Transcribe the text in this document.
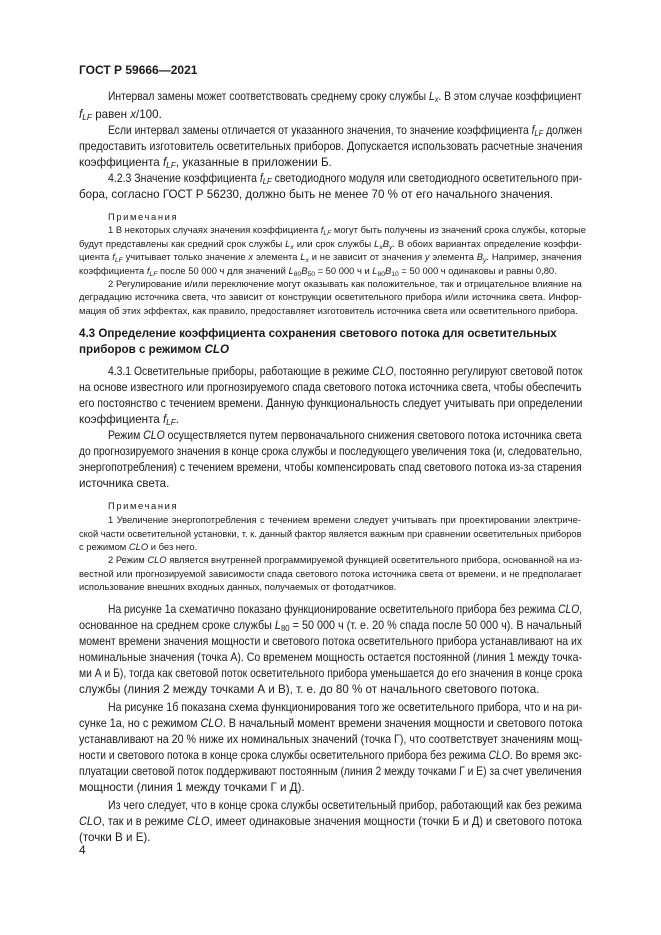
ГОСТ Р 59666—2021
Интервал замены может соответствовать среднему сроку службы $L_x$. В этом случае коэффициент
$f_{LF}$ равен x/100.
Если интервал замены отличается от указанного значения, то значение коэффициента $f_{LF}$ должен
предоставить изготовитель осветительных приборов. Допускается использовать расчетные значения
коэффициента $f_{LF}$, указанные в приложении Б.
4.2.3 Значение коэффициента $f_{LF}$ светодиодного модуля или светодиодного осветительного при-
бора, согласно ГОСТ Р 56230, должно быть не менее 70 % от его начального значения.
Примечания
1 В некоторых случаях значения коэффициента $f_{LF}$ могут быть получены из значений срока службы, которые
будут представлены как средний срок службы $L_x$ или срок службы $L_xB_y$. В обоих вариантах определение коэффи-
циента $f_{LF}$ учитывает только значение x элемента $L_x$ и не зависит от значения y элемента $B_y$. Например, значения
коэффициента $f_{LF}$ после 50 000 ч для значений $L_{80}B_{50} = 50$ 000 ч и $L_{80}B_{10} = 50$ 000 ч одинаковы и равны 0,80.
2 Регулирование и/или переключение могут оказывать как положительное, так и отрицательное влияние на
деградацию источника света, что зависит от конструкции осветительного прибора и/или источника света. Инфор-
мация об этих эффектах, как правило, предоставляет изготовитель источника света или осветительного прибора.
4.3 Определение коэффициента сохранения светового потока для осветительных
приборов с режимом CLO
4.3.1 Осветительные приборы, работающие в режиме CLO, постоянно регулируют световой поток
на основе известного или прогнозируемого спада светового потока источника света, чтобы обеспечить
его постоянство с течением времени. Данную функциональность следует учитывать при определении
коэффициента $f_{LF}$.
Режим CLO осуществляется путем первоначального снижения светового потока источника света
до прогнозируемого значения в конце срока службы и последующего увеличения тока (и, следовательно,
энергопотребления) с течением времени, чтобы компенсировать спад светового потока из-за старения
источника света.
Примечания
1 Увеличение энергопотребления с течением времени следует учитывать при проектировании электриче-
ской части осветительной установки, т. к. данный фактор является важным при сравнении осветительных приборов
с режимом CLO и без него.
2 Режим CLO является внутренней программируемой функцией осветительного прибора, основанной на из-
вестной или прогнозируемой зависимости спада светового потока источника света от времени, и не предполагает
использование внешних входных данных, получаемых от фотодатчиков.
На рисунке 1а схематично показано функционирование осветительного прибора без режима CLO,
основанное на среднем сроке службы $L_{80} = 50$ 000 ч (т. е. 20 % спада после 50 000 ч). В начальный
момент времени значения мощности и светового потока осветительного прибора устанавливают на их
номинальные значения (точка А). Со временем мощность остается постоянной (линия 1 между точка-
ми А и Б), тогда как световой поток осветительного прибора уменьшается до его значения в конце срока
службы (линия 2 между точками А и В), т. е. до 80 % от начального светового потока.
На рисунке 1б показана схема функционирования того же осветительного прибора, что и на ри-
сунке 1а, но с режимом CLO. В начальный момент времени значения мощности и светового потока
устанавливают на 20 % ниже их номинальных значений (точка Г), что соответствует значениям мощ-
ности и светового потока в конце срока службы осветительного прибора без режима CLO. Во время экс-
плуатации световой поток поддерживают постоянным (линия 2 между точками Г и Е) за счет увеличения
мощности (линия 1 между точками Г и Д).
Из чего следует, что в конце срока службы осветительный прибор, работающий как без режима
CLO, так и в режиме CLO, имеет одинаковые значения мощности (точки Б и Д) и светового потока
(точки В и Е).
4
